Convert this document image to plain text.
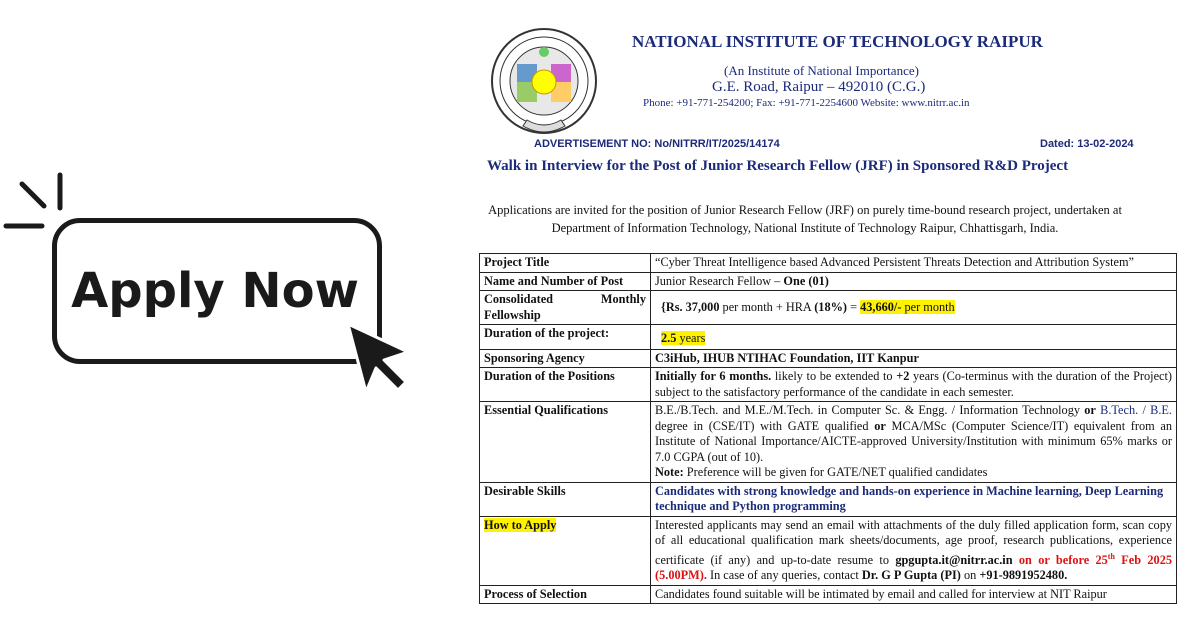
Apply Now
NATIONAL INSTITUTE OF TECHNOLOGY RAIPUR
(An Institute of National Importance)
G.E. Road, Raipur – 492010 (C.G.)
Phone: +91-771-254200; Fax: +91-771-2254600 Website: www.nitrr.ac.in
ADVERTISEMENT NO: No/NITRR/IT/2025/14174	Dated: 13-02-2024
Walk in Interview for the Post of Junior Research Fellow (JRF) in Sponsored R&D Project
Applications are invited for the position of Junior Research Fellow (JRF) on purely time-bound research project, undertaken at Department of Information Technology, National Institute of Technology Raipur, Chhattisgarh, India.
Project Title	“Cyber Threat Intelligence based Advanced Persistent Threats Detection and Attribution System”
Name and Number of Post	Junior Research Fellow – One (01)
Consolidated Monthly Fellowship	{Rs. 37,000 per month + HRA (18%) = 43,660/- per month
Duration of the project:	2.5 years
Sponsoring Agency	C3iHub, IHUB NTIHAC Foundation, IIT Kanpur
Duration of the Positions	Initially for 6 months. likely to be extended to +2 years (Co-terminus with the duration of the Project) subject to the satisfactory performance of the candidate in each semester.
Essential Qualifications	B.E./B.Tech. and M.E./M.Tech. in Computer Sc. & Engg. / Information Technology or B.Tech. / B.E. degree in (CSE/IT) with GATE qualified or MCA/MSc (Computer Science/IT) equivalent from an Institute of National Importance/AICTE-approved University/Institution with minimum 65% marks or 7.0 CGPA (out of 10).
Note: Preference will be given for GATE/NET qualified candidates
Desirable Skills	Candidates with strong knowledge and hands-on experience in Machine learning, Deep Learning technique and Python programming
How to Apply	Interested applicants may send an email with attachments of the duly filled application form, scan copy of all educational qualification mark sheets/documents, age proof, research publications, experience certificate (if any) and up-to-date resume to gpgupta.it@nitrr.ac.in on or before 25th Feb 2025 (5.00PM). In case of any queries, contact Dr. G P Gupta (PI) on +91-9891952480.
Process of Selection	Candidates found suitable will be intimated by email and called for interview at NIT Raipur
